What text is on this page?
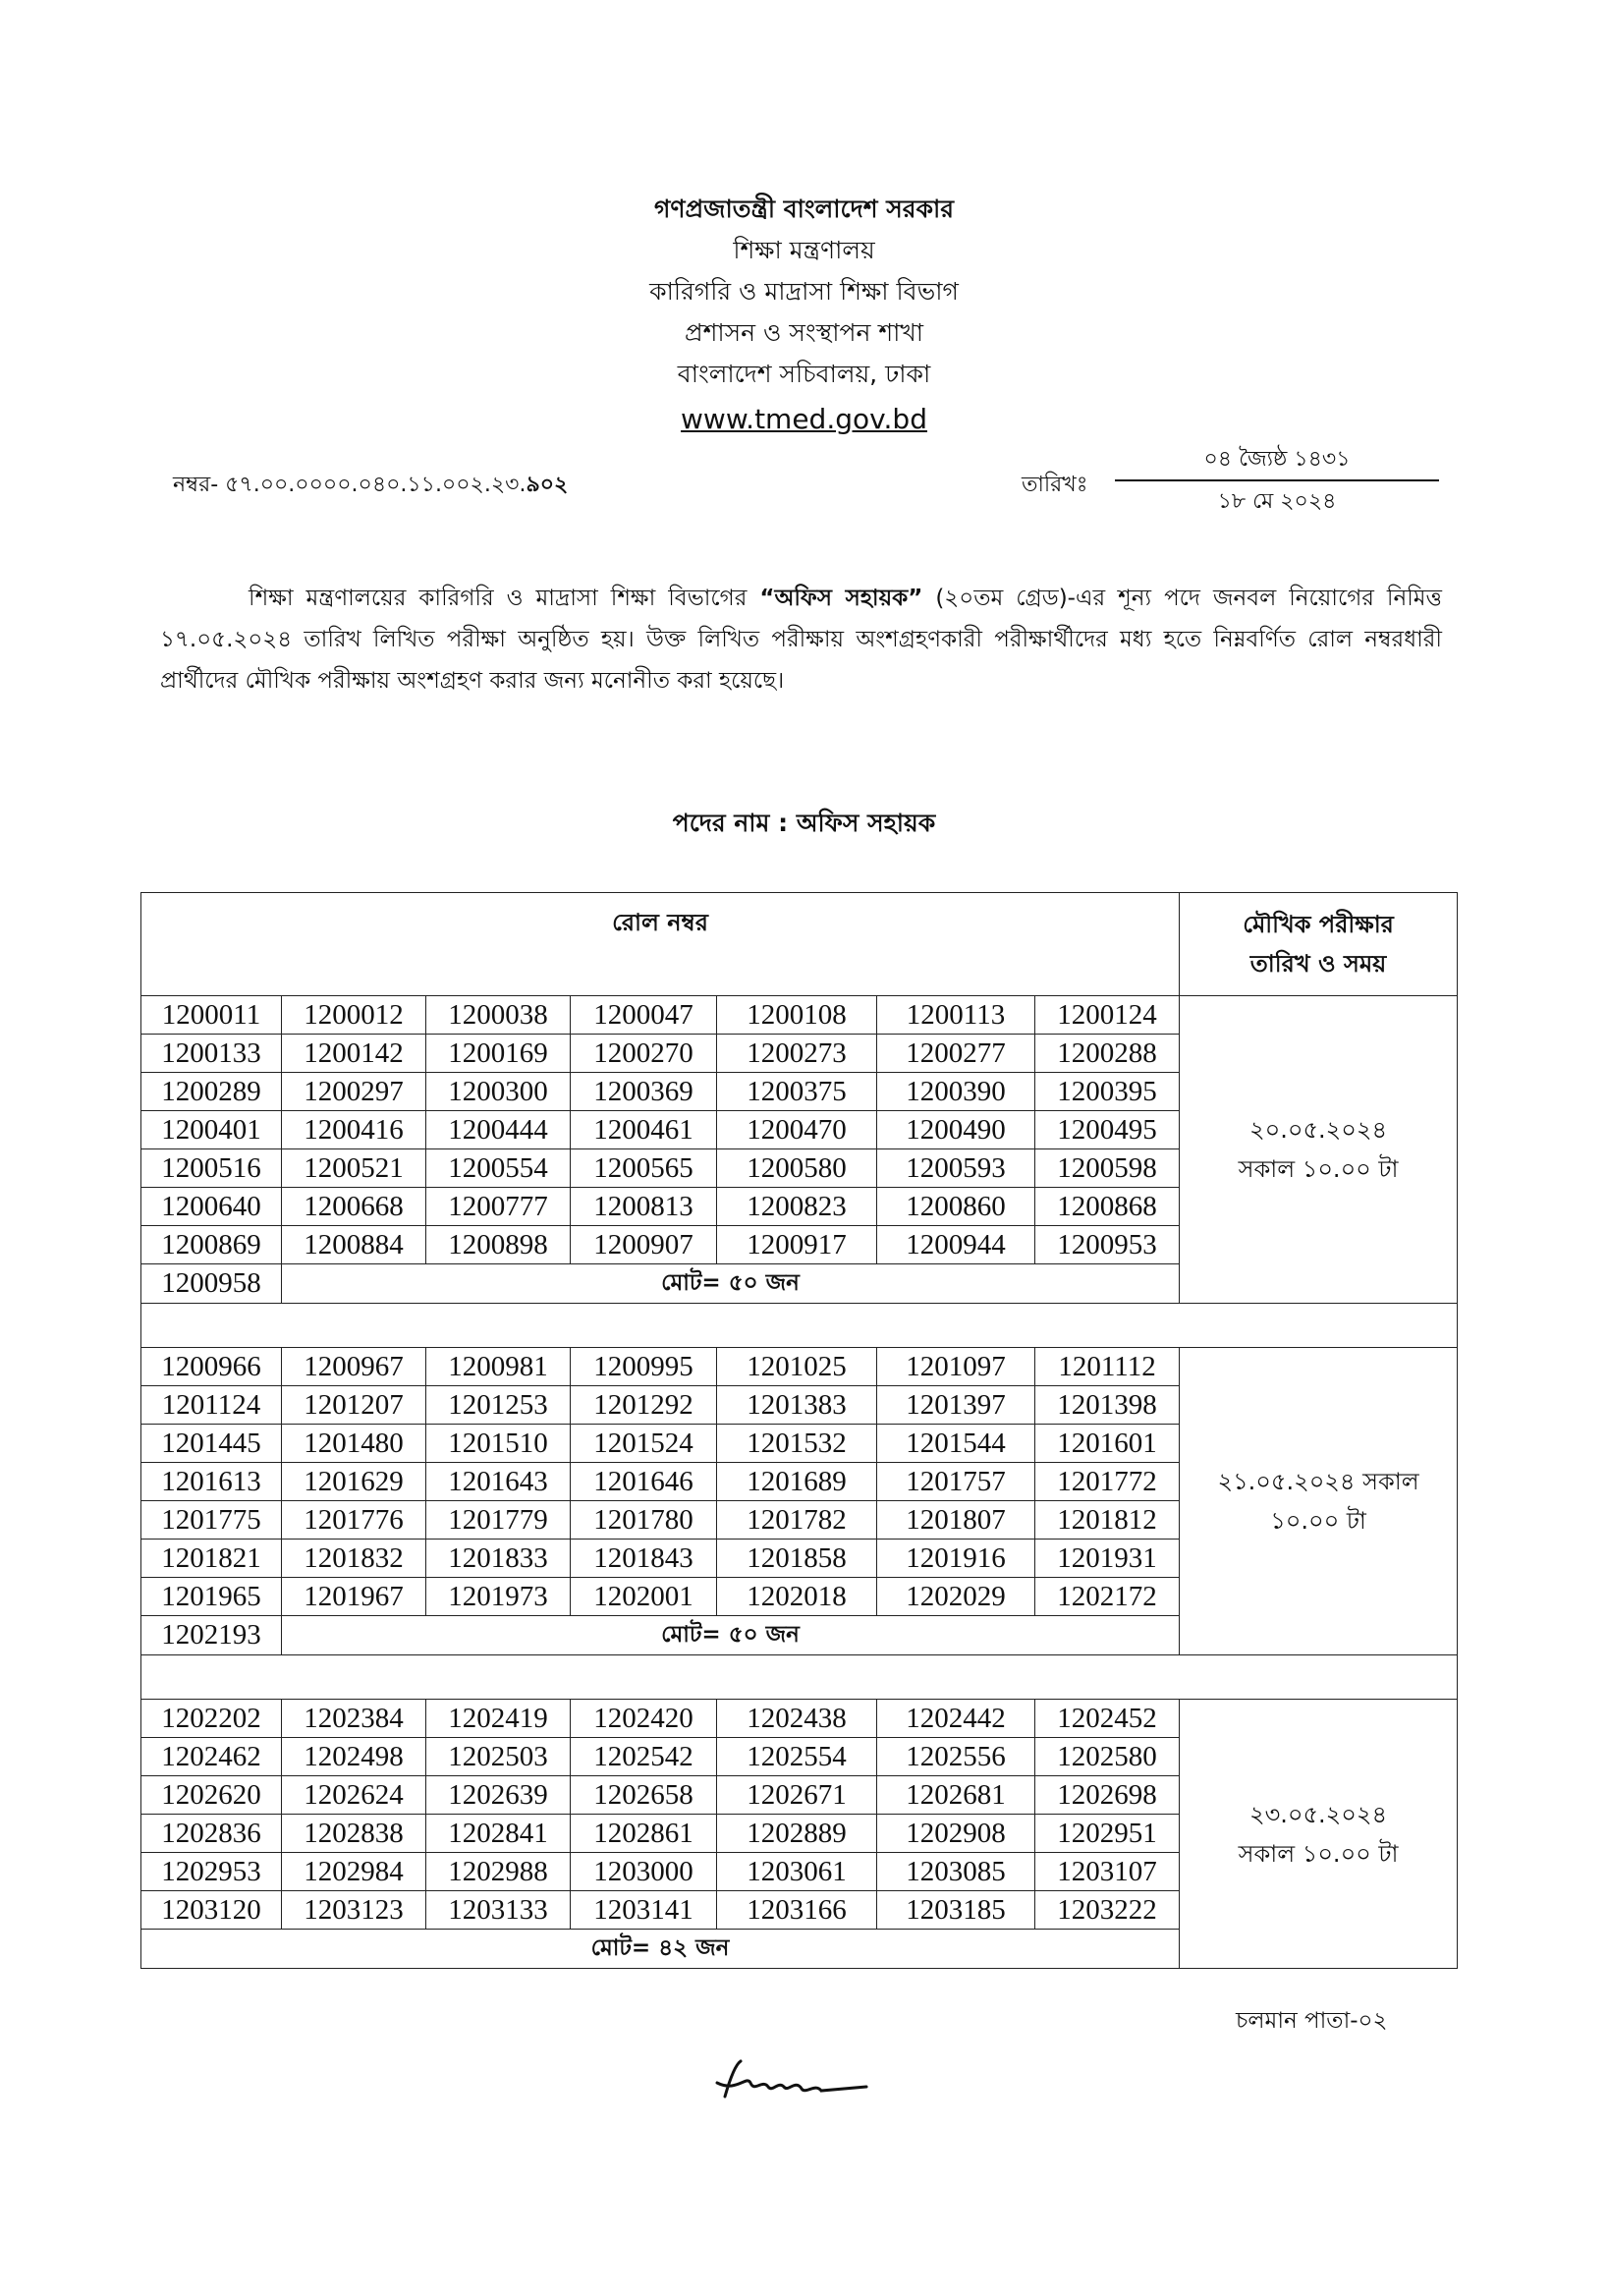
গণপ্রজাতন্ত্রী বাংলাদেশ সরকার
শিক্ষা মন্ত্রণালয়
কারিগরি ও মাদ্রাসা শিক্ষা বিভাগ
প্রশাসন ও সংস্থাপন শাখা
বাংলাদেশ সচিবালয়, ঢাকা
www.tmed.gov.bd
নম্বর- ৫৭.০০.০০০০.০৪০.১১.০০২.২৩.৯০২	তারিখঃ
০৪ জ্যৈষ্ঠ ১৪৩১
১৮ মে ২০২৪
শিক্ষা মন্ত্রণালয়ের কারিগরি ও মাদ্রাসা শিক্ষা বিভাগের “অফিস সহায়ক” (২০তম গ্রেড)-এর শূন্য পদে জনবল নিয়োগের নিমিত্ত ১৭.০৫.২০২৪ তারিখ লিখিত পরীক্ষা অনুষ্ঠিত হয়। উক্ত লিখিত পরীক্ষায় অংশগ্রহণকারী পরীক্ষার্থীদের মধ্য হতে নিম্নবর্ণিত রোল নম্বরধারী প্রার্থীদের মৌখিক পরীক্ষায় অংশগ্রহণ করার জন্য মনোনীত করা হয়েছে।
পদের নাম : অফিস সহায়ক
রোল নম্বর							মৌখিক পরীক্ষার
তারিখ ও সময়

1200011	1200012	1200038	1200047	1200108	1200113	1200124	২০.০৫.২০২৪
সকাল ১০.০০ টা

1200133	1200142	1200169	1200270	1200273	1200277	1200288	
1200289	1200297	1200300	1200369	1200375	1200390	1200395	
1200401	1200416	1200444	1200461	1200470	1200490	1200495	
1200516	1200521	1200554	1200565	1200580	1200593	1200598	
1200640	1200668	1200777	1200813	1200823	1200860	1200868	
1200869	1200884	1200898	1200907	1200917	1200944	1200953	
1200958	মোট= ৫০ জন						

1200966	1200967	1200981	1200995	1201025	1201097	1201112	২১.০৫.২০২৪ সকাল
১০.০০ টা

1201124	1201207	1201253	1201292	1201383	1201397	1201398	
1201445	1201480	1201510	1201524	1201532	1201544	1201601	
1201613	1201629	1201643	1201646	1201689	1201757	1201772	
1201775	1201776	1201779	1201780	1201782	1201807	1201812	
1201821	1201832	1201833	1201843	1201858	1201916	1201931	
1201965	1201967	1201973	1202001	1202018	1202029	1202172	
1202193	মোট= ৫০ জন						

1202202	1202384	1202419	1202420	1202438	1202442	1202452	২৩.০৫.২০২৪
সকাল ১০.০০ টা

1202462	1202498	1202503	1202542	1202554	1202556	1202580	
1202620	1202624	1202639	1202658	1202671	1202681	1202698	
1202836	1202838	1202841	1202861	1202889	1202908	1202951	
1202953	1202984	1202988	1203000	1203061	1203085	1203107	
1203120	1203123	1203133	1203141	1203166	1203185	1203222	
মোট= ৪২ জন							
চলমান পাতা-০২
